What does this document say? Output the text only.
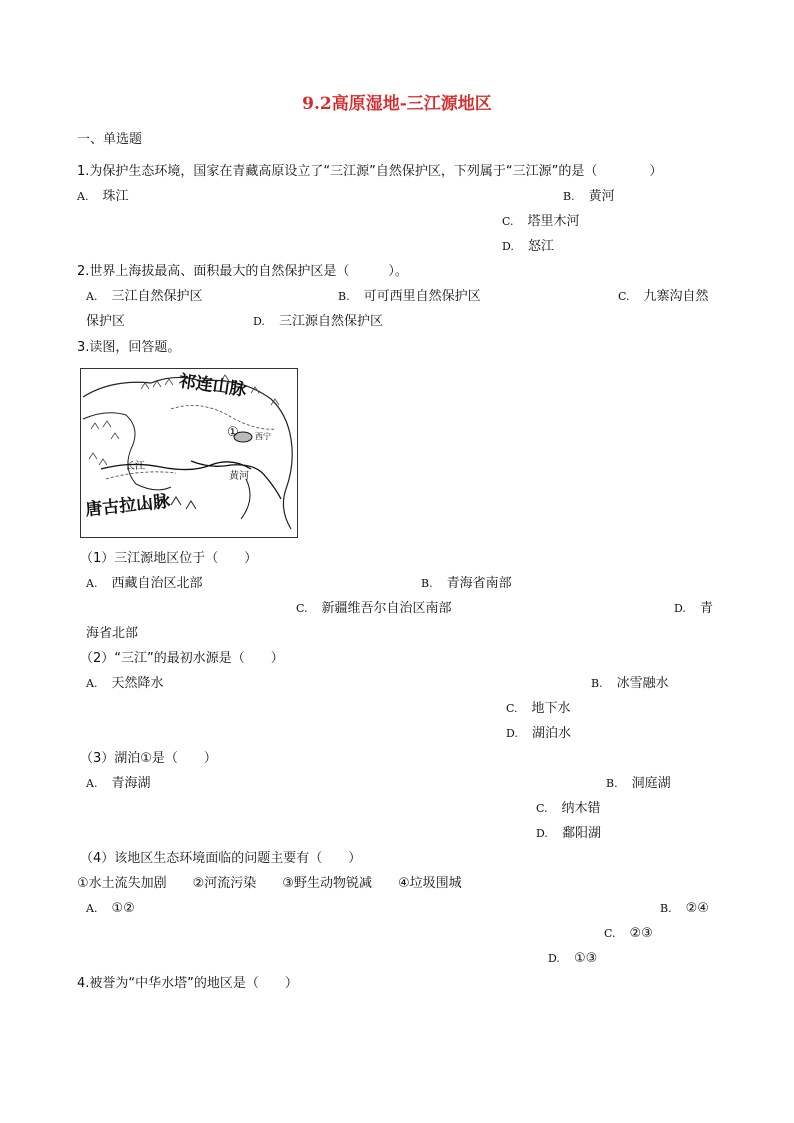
9.2高原湿地-三江源地区
一、单选题
1.为保护生态环境，国家在青藏高原设立了“三江源”自然保护区，下列属于“三江源”的是（　　　　）
A. 珠江	B. 黄河
C. 塔里木河
D. 怒江
2.世界上海拔最高、面积最大的自然保护区是（　　　）。
A. 三江自然保护区	B. 可可西里自然保护区	C. 九寨沟自然
保护区	D. 三江源自然保护区
3.读图，回答题。
祁连山脉
唐古拉山脉
长江
黄河
① 西宁
（1）三江源地区位于（　　）
A. 西藏自治区北部	B. 青海省南部
C. 新疆维吾尔自治区南部	D. 青
海省北部
（2）“三江”的最初水源是（　　）
A. 天然降水	B. 冰雪融水
C. 地下水
D. 湖泊水
（3）湖泊①是（　　）
A. 青海湖	B. 洞庭湖
C. 纳木错
D. 鄱阳湖
（4）该地区生态环境面临的问题主要有（　　）
①水土流失加剧　　②河流污染　　③野生动物锐减　　④垃圾围城
A. ①②	B. ②④
C. ②③
D. ①③
4.被誉为“中华水塔”的地区是（　　）
